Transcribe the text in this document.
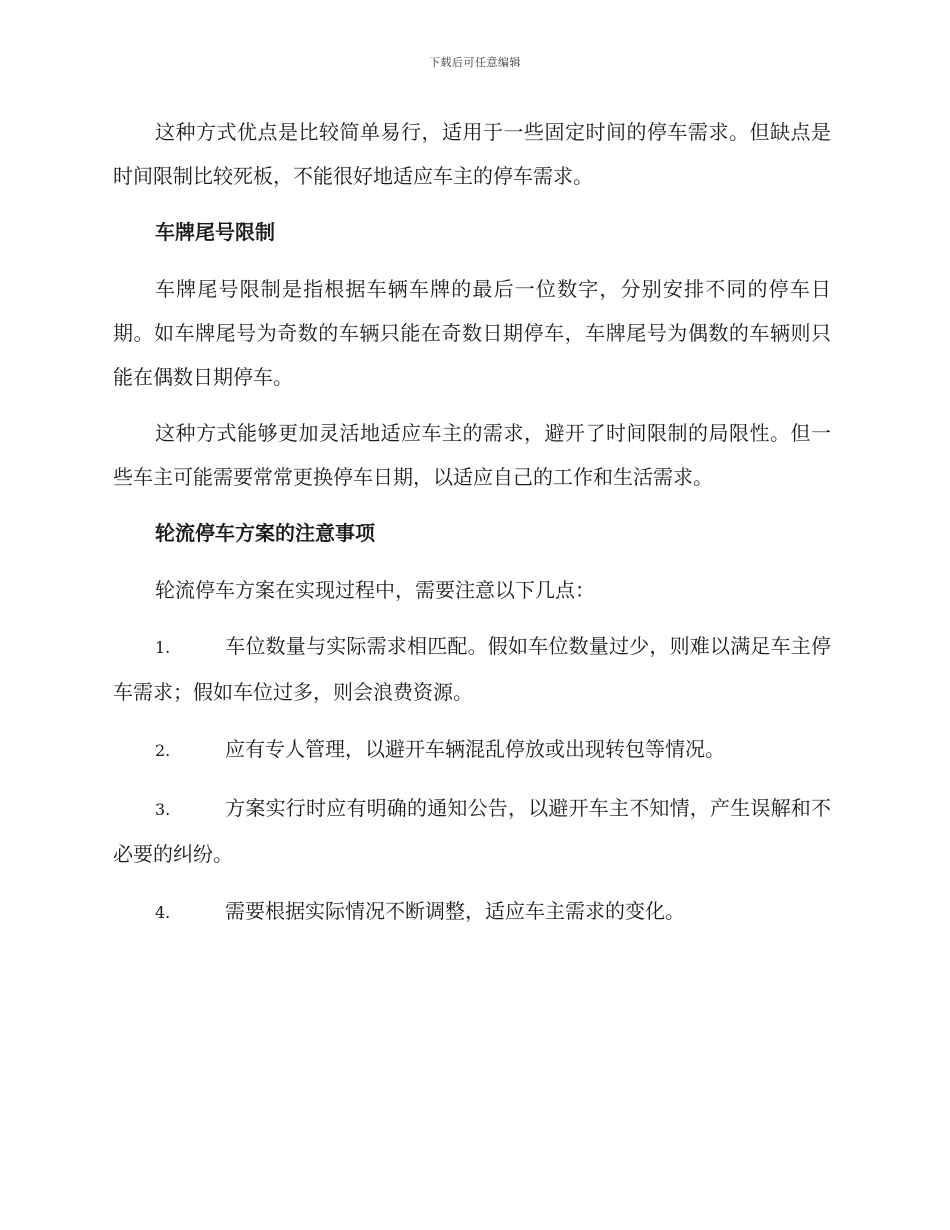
下载后可任意编辑

这种方式优点是比较简单易行，适用于一些固定时间的停车需求。但缺点是时间限制比较死板，不能很好地适应车主的停车需求。

车牌尾号限制

车牌尾号限制是指根据车辆车牌的最后一位数字，分别安排不同的停车日期。如车牌尾号为奇数的车辆只能在奇数日期停车，车牌尾号为偶数的车辆则只能在偶数日期停车。

这种方式能够更加灵活地适应车主的需求，避开了时间限制的局限性。但一些车主可能需要常常更换停车日期，以适应自己的工作和生活需求。

轮流停车方案的注意事项

轮流停车方案在实现过程中，需要注意以下几点：

1.	车位数量与实际需求相匹配。假如车位数量过少，则难以满足车主停车需求；假如车位过多，则会浪费资源。
2.	应有专人管理，以避开车辆混乱停放或出现转包等情况。
3.	方案实行时应有明确的通知公告，以避开车主不知情，产生误解和不必要的纠纷。
4.	需要根据实际情况不断调整，适应车主需求的变化。
